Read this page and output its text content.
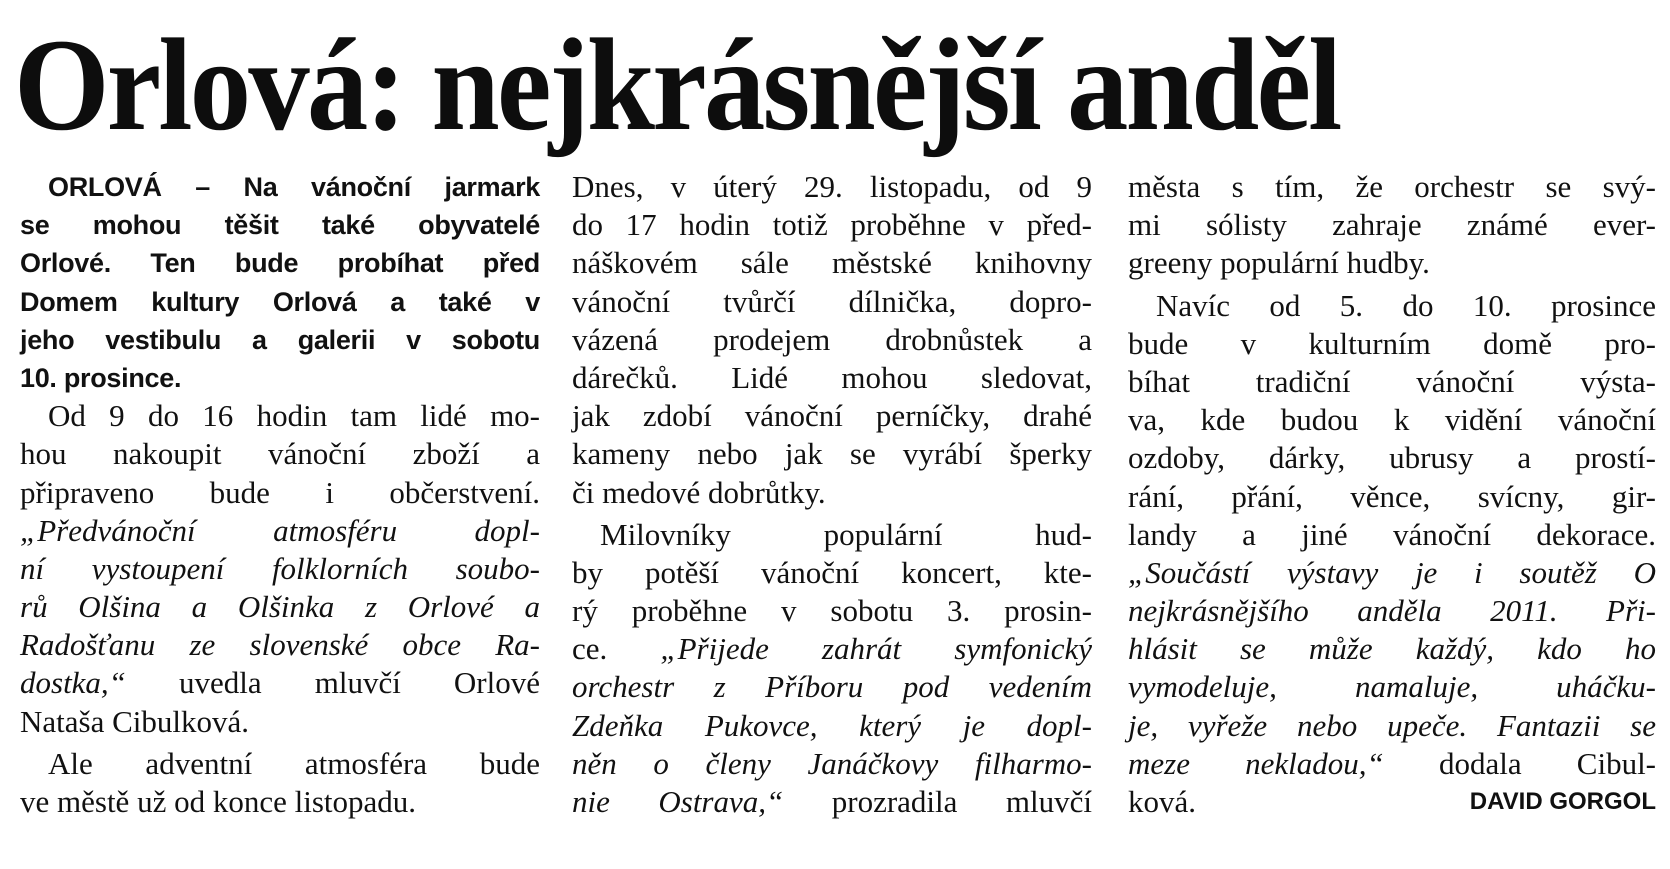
Orlová: nejkrásnější anděl
ORLOVÁ – Na vánoční jarmark
se mohou těšit také obyvatelé
Orlové. Ten bude probíhat před
Domem kultury Orlová a také v
jeho vestibulu a galerii v sobotu
10. prosince.
Od 9 do 16 hodin tam lidé mo-
hou nakoupit vánoční zboží a
připraveno bude i občerstvení.
„Předvánoční atmosféru dopl-
ní vystoupení folklorních soubo-
rů Olšina a Olšinka z Orlové a
Radošťanu ze slovenské obce Ra-
dostka,“ uvedla mluvčí Orlové
Nataša Cibulková.
Ale adventní atmosféra bude
ve městě už od konce listopadu.
Dnes, v úterý 29. listopadu, od 9
do 17 hodin totiž proběhne v před-
náškovém sále městské knihovny
vánoční tvůrčí dílnička, dopro-
vázená prodejem drobnůstek a
dárečků. Lidé mohou sledovat,
jak zdobí vánoční perníčky, drahé
kameny nebo jak se vyrábí šperky
či medové dobrůtky.
Milovníky populární hud-
by potěší vánoční koncert, kte-
rý proběhne v sobotu 3. prosin-
ce. „Přijede zahrát symfonický
orchestr z Příboru pod vedením
Zdeňka Pukovce, který je dopl-
něn o členy Janáčkovy filharmo-
nie Ostrava,“ prozradila mluvčí
města s tím, že orchestr se svý-
mi sólisty zahraje známé ever-
greeny populární hudby.
Navíc od 5. do 10. prosince
bude v kulturním domě pro-
bíhat tradiční vánoční výsta-
va, kde budou k vidění vánoční
ozdoby, dárky, ubrusy a prostí-
rání, přání, věnce, svícny, gir-
landy a jiné vánoční dekorace.
„Součástí výstavy je i soutěž O
nejkrásnějšího anděla 2011. Při-
hlásit se může každý, kdo ho
vymodeluje, namaluje, uháčku-
je, vyřeže nebo upeče. Fantazii se
meze nekladou,“ dodala Cibul-
ková.	DAVID GORGOL
